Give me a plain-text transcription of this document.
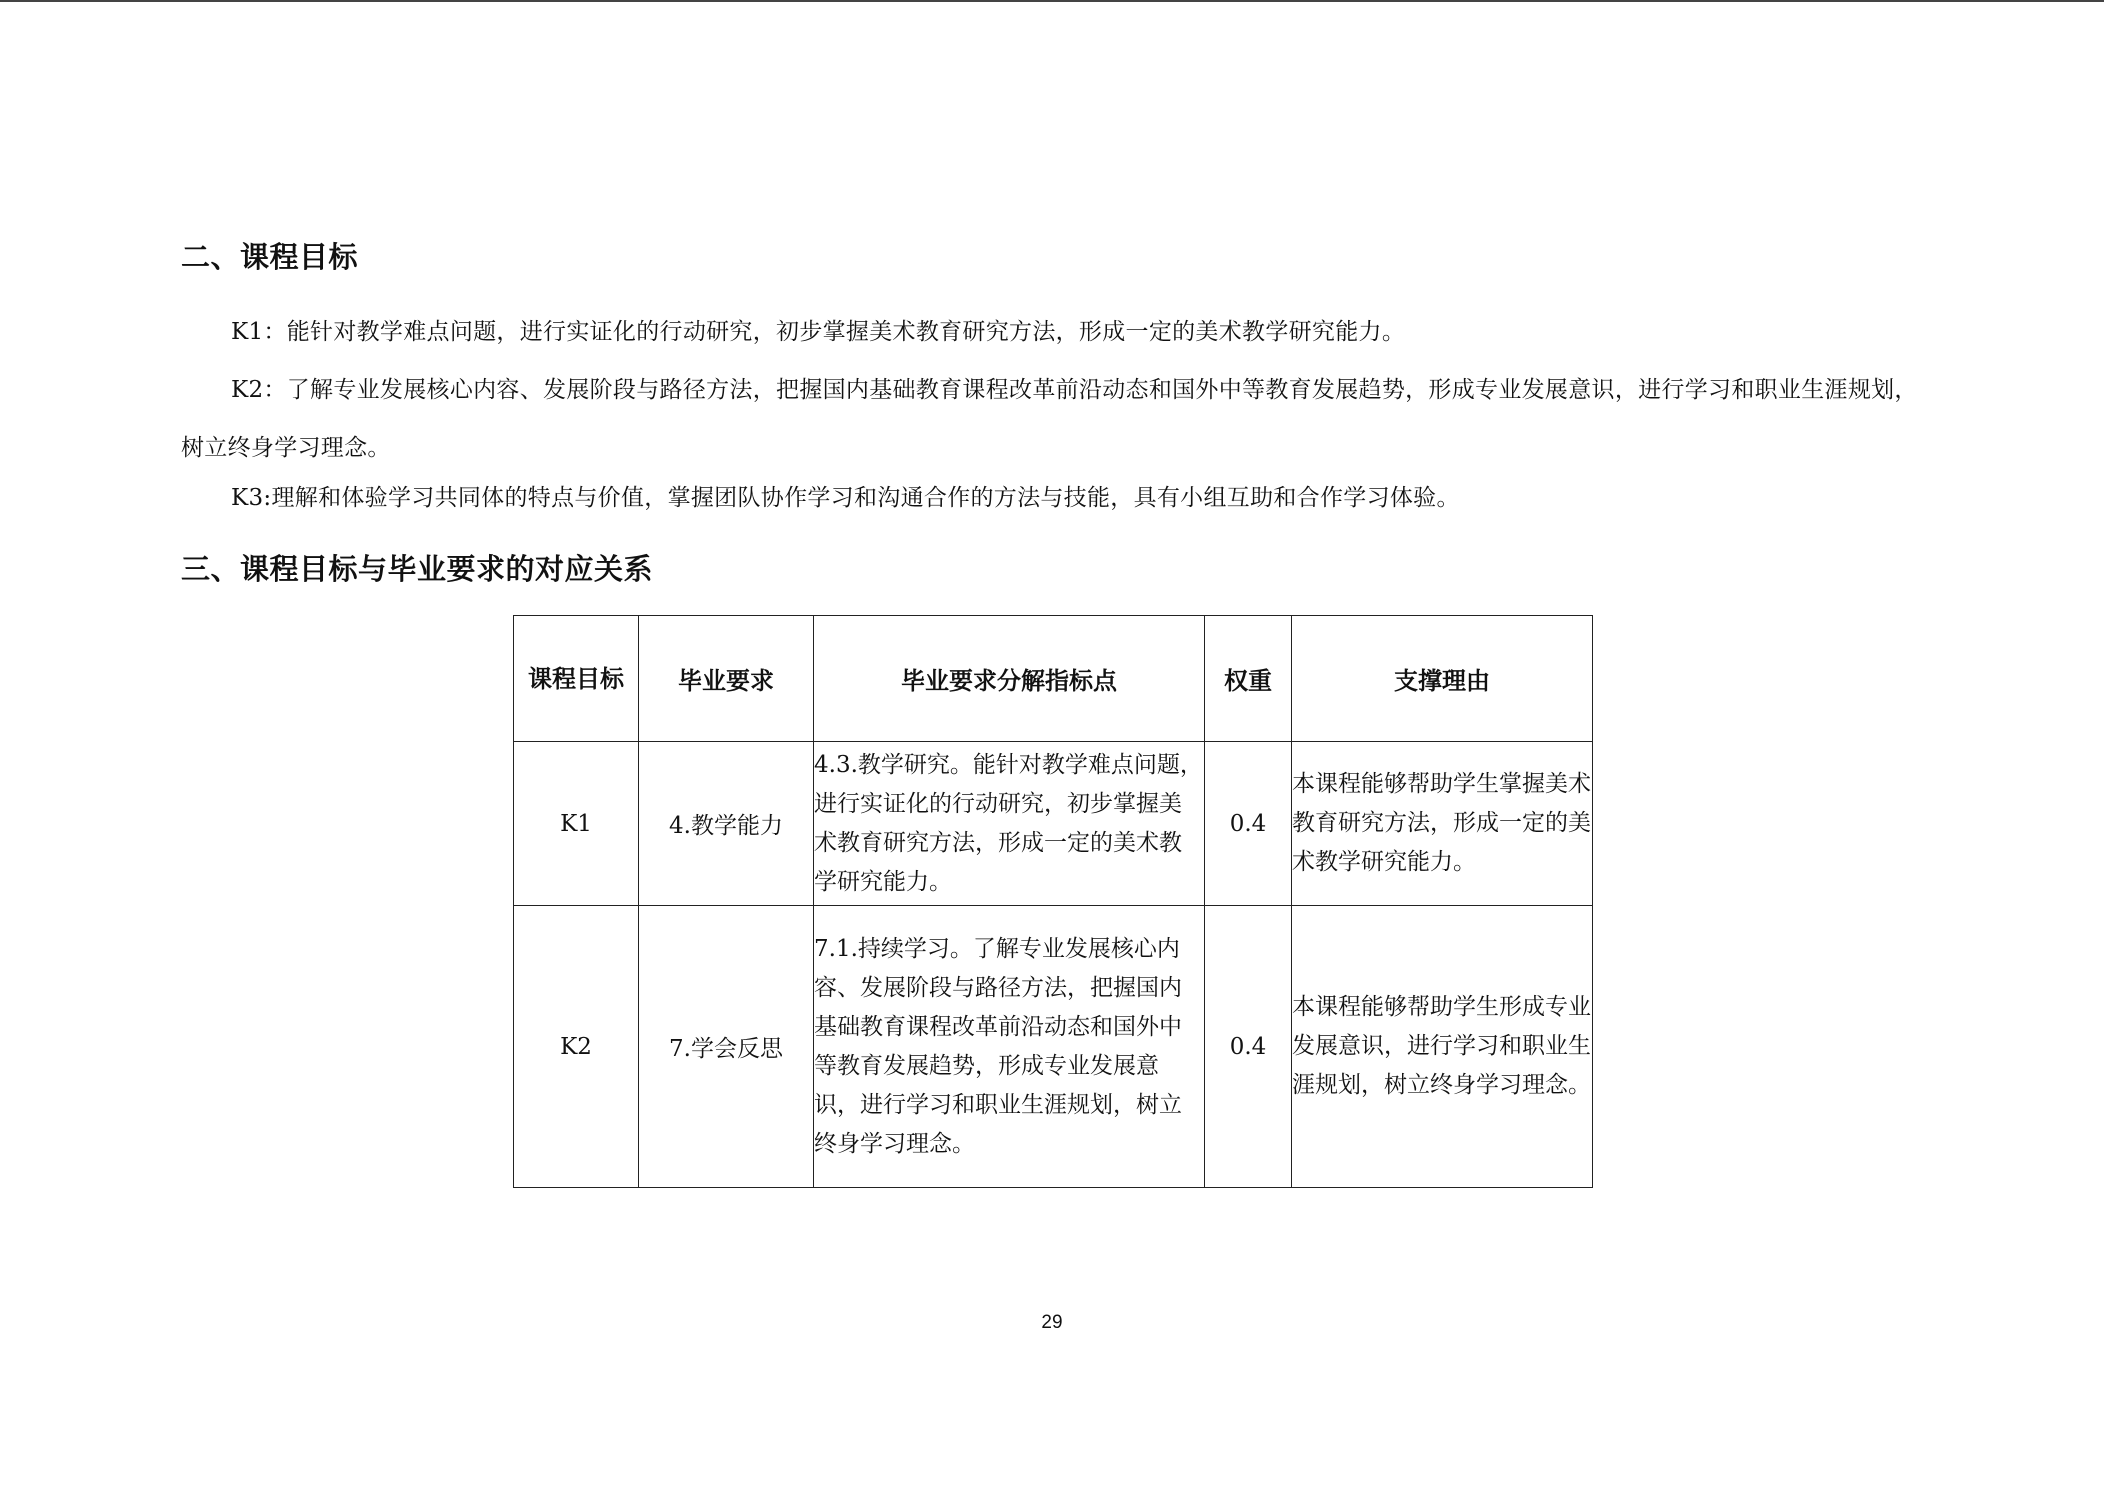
二、课程目标

K1：能针对教学难点问题，进行实证化的行动研究，初步掌握美术教育研究方法，形成一定的美术教学研究能力。

K2：了解专业发展核心内容、发展阶段与路径方法，把握国内基础教育课程改革前沿动态和国外中等教育发展趋势，形成专业发展意识，进行学习和职业生涯规划，树立终身学习理念。

K3:理解和体验学习共同体的特点与价值，掌握团队协作学习和沟通合作的方法与技能，具有小组互助和合作学习体验。

三、课程目标与毕业要求的对应关系
课程目标	毕业要求	毕业要求分解指标点	权重	支撑理由
K1	4.教学能力	4.3.教学研究。能针对教学难点问题，进行实证化的行动研究，初步掌握美术教育研究方法，形成一定的美术教学研究能力。	0.4	本课程能够帮助学生掌握美术教育研究方法，形成一定的美术教学研究能力。
K2	7.学会反思	7.1.持续学习。了解专业发展核心内容、发展阶段与路径方法，把握国内基础教育课程改革前沿动态和国外中等教育发展趋势，形成专业发展意识，进行学习和职业生涯规划，树立终身学习理念。	0.4	本课程能够帮助学生形成专业发展意识，进行学习和职业生涯规划，树立终身学习理念。
29
